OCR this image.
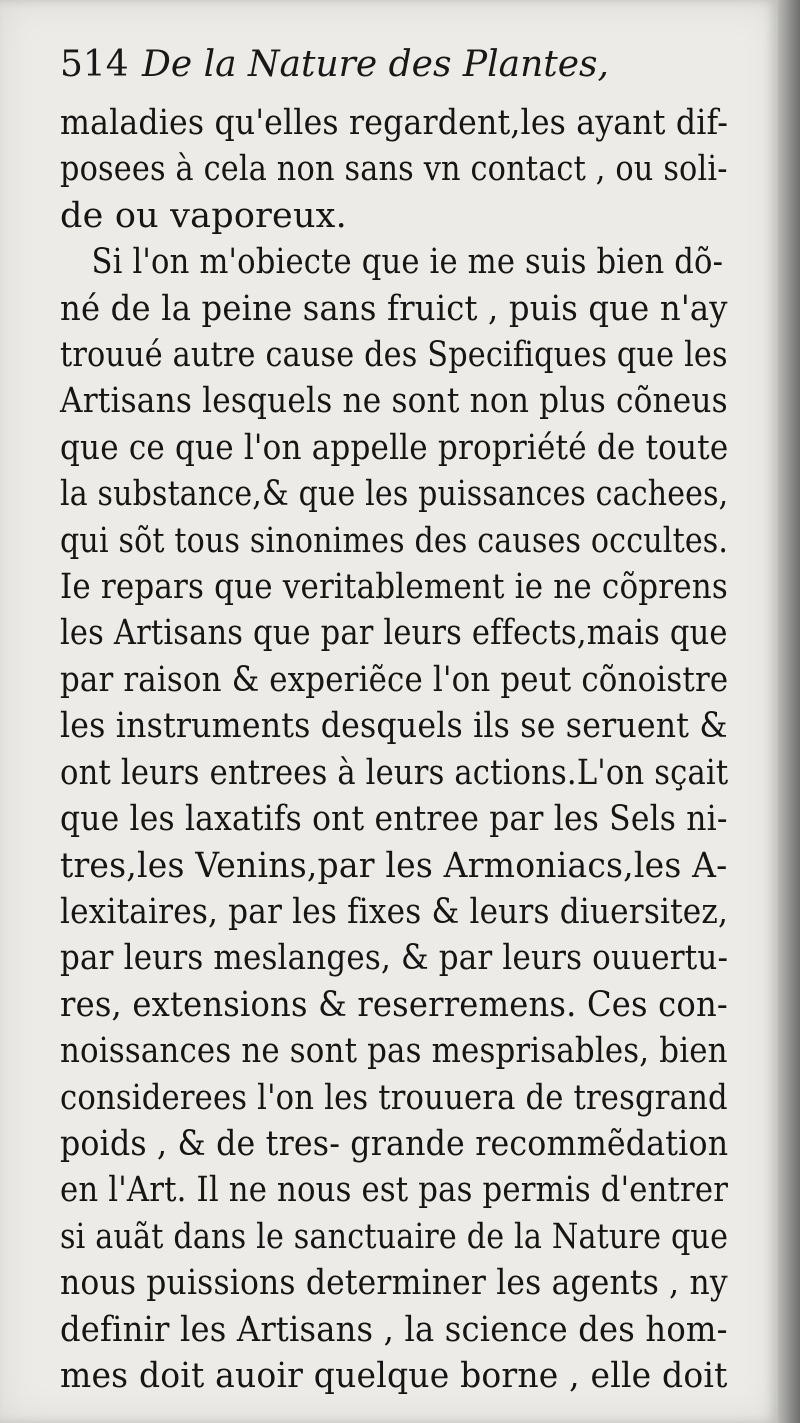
514 De la Nature des Plantes,
maladies qu'elles regardent,les ayant dif-
posees à cela non sans vn contact , ou soli-
de ou vaporeux.
Si l'on m'obiecte que ie me suis bien dõ-
né de la peine sans fruict , puis que n'ay
trouué autre cause des Specifiques que les
Artisans lesquels ne sont non plus cõneus
que ce que l'on appelle propriété de toute
la substance,& que les puissances cachees,
qui sõt tous sinonimes des causes occultes.
Ie repars que veritablement ie ne cõprens
les Artisans que par leurs effects,mais que
par raison & experiẽce l'on peut cõnoistre
les instruments desquels ils se seruent &
ont leurs entrees à leurs actions.L'on sçait
que les laxatifs ont entree par les Sels ni-
tres,les Venins,par les Armoniacs,les A-
lexitaires, par les fixes & leurs diuersitez,
par leurs meslanges, & par leurs ouuertu-
res, extensions & reserremens. Ces con-
noissances ne sont pas mesprisables, bien
considerees l'on les trouuera de tresgrand
poids , & de tres- grande recommẽdation
en l'Art. Il ne nous est pas permis d'entrer
si auãt dans le sanctuaire de la Nature que
nous puissions determiner les agents , ny
definir les Artisans , la science des hom-
mes doit auoir quelque borne , elle doit
